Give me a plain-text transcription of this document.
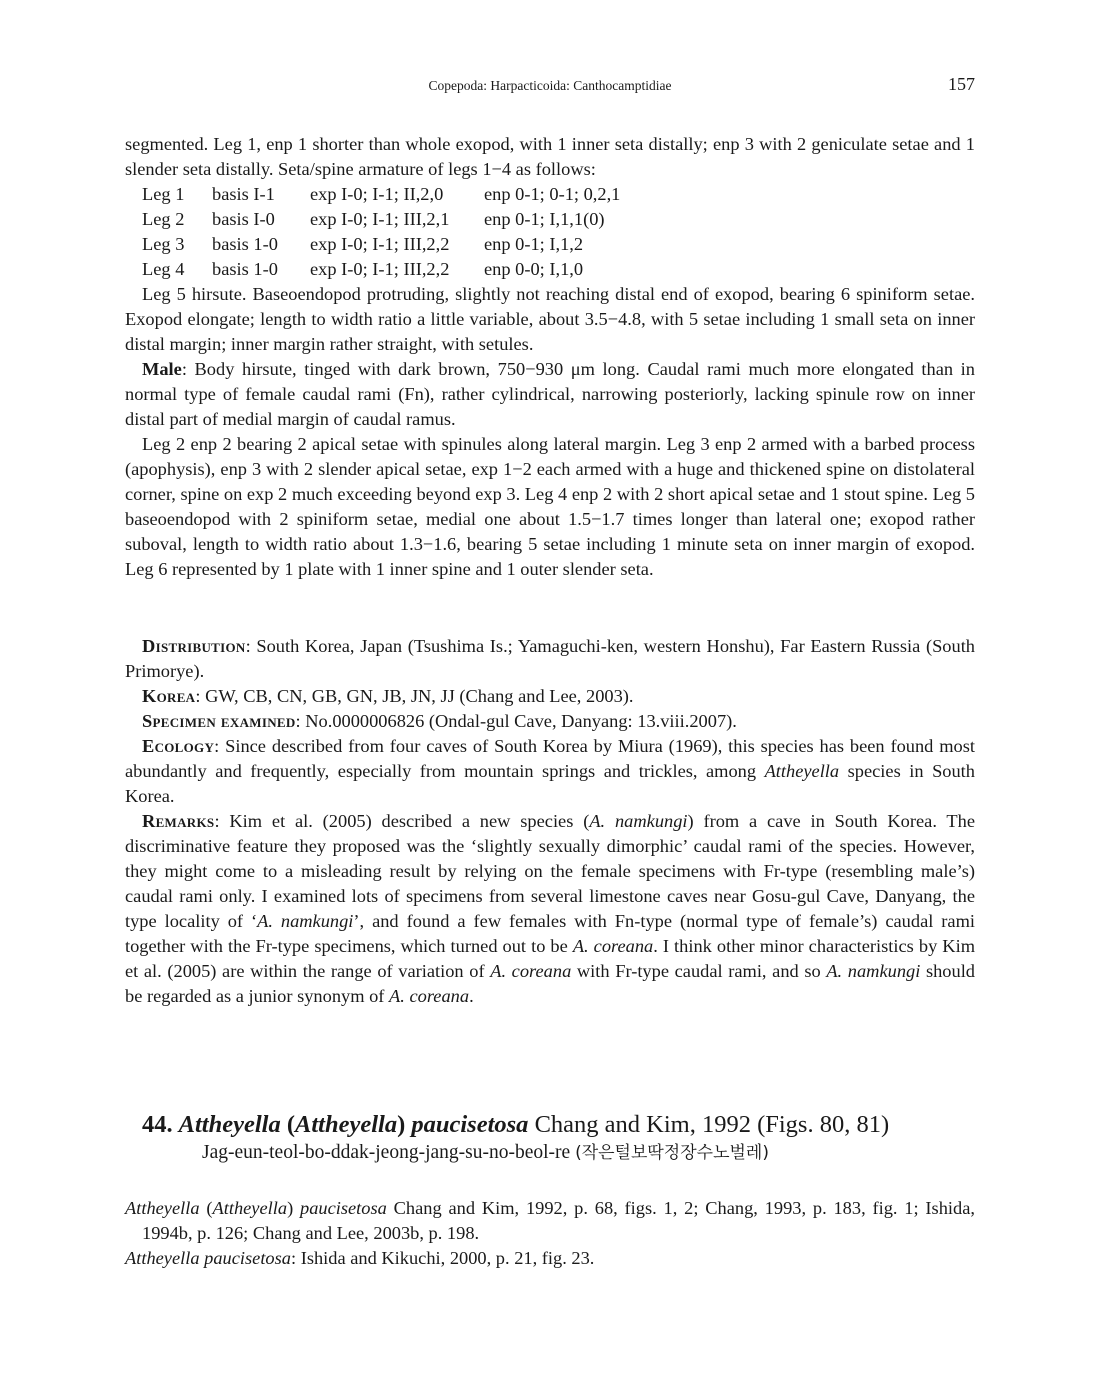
Copepoda: Harpacticoida: Canthocamptidiae	157

segmented. Leg 1, enp 1 shorter than whole exopod, with 1 inner seta distally; enp 3 with 2 geniculate setae and 1 slender seta distally. Seta/spine armature of legs 1−4 as follows:

Leg 1	basis I-1	exp I-0; I-1; II,2,0	enp 0-1; 0-1; 0,2,1
Leg 2	basis I-0	exp I-0; I-1; III,2,1	enp 0-1; I,1,1(0)
Leg 3	basis 1-0	exp I-0; I-1; III,2,2	enp 0-1; I,1,2
Leg 4	basis 1-0	exp I-0; I-1; III,2,2	enp 0-0; I,1,0

Leg 5 hirsute. Baseoendopod protruding, slightly not reaching distal end of exopod, bearing 6 spiniform setae. Exopod elongate; length to width ratio a little variable, about 3.5−4.8, with 5 setae including 1 small seta on inner distal margin; inner margin rather straight, with setules.

Male: Body hirsute, tinged with dark brown, 750−930 μm long. Caudal rami much more elongated than in normal type of female caudal rami (Fn), rather cylindrical, narrowing posteriorly, lacking spinule row on inner distal part of medial margin of caudal ramus.

Leg 2 enp 2 bearing 2 apical setae with spinules along lateral margin. Leg 3 enp 2 armed with a barbed process (apophysis), enp 3 with 2 slender apical setae, exp 1−2 each armed with a huge and thickened spine on distolateral corner, spine on exp 2 much exceeding beyond exp 3. Leg 4 enp 2 with 2 short apical setae and 1 stout spine. Leg 5 baseoendopod with 2 spiniform setae, medial one about 1.5−1.7 times longer than lateral one; exopod rather suboval, length to width ratio about 1.3−1.6, bearing 5 setae including 1 minute seta on inner margin of exopod. Leg 6 represented by 1 plate with 1 inner spine and 1 outer slender seta.

Distribution: South Korea, Japan (Tsushima Is.; Yamaguchi-ken, western Honshu), Far Eastern Russia (South Primorye).

Korea: GW, CB, CN, GB, GN, JB, JN, JJ (Chang and Lee, 2003).

Specimen examined: No.0000006826 (Ondal-gul Cave, Danyang: 13.viii.2007).

Ecology: Since described from four caves of South Korea by Miura (1969), this species has been found most abundantly and frequently, especially from mountain springs and trickles, among Attheyella species in South Korea.

Remarks: Kim et al. (2005) described a new species (A. namkungi) from a cave in South Korea. The discriminative feature they proposed was the ‘slightly sexually dimorphic’ caudal rami of the species. However, they might come to a misleading result by relying on the female specimens with Fr-type (resembling male’s) caudal rami only. I examined lots of specimens from several limestone caves near Gosu-gul Cave, Danyang, the type locality of ‘A. namkungi’, and found a few females with Fn-type (normal type of female’s) caudal rami together with the Fr-type specimens, which turned out to be A. coreana. I think other minor characteristics by Kim et al. (2005) are within the range of variation of A. coreana with Fr-type caudal rami, and so A. namkungi should be regarded as a junior synonym of A. coreana.

44. Attheyella (Attheyella) paucisetosa Chang and Kim, 1992 (Figs. 80, 81)
Jag-eun-teol-bo-ddak-jeong-jang-su-no-beol-re (작은털보딱정장수노벌레)

Attheyella (Attheyella) paucisetosa Chang and Kim, 1992, p. 68, figs. 1, 2; Chang, 1993, p. 183, fig. 1; Ishida, 1994b, p. 126; Chang and Lee, 2003b, p. 198.

Attheyella paucisetosa: Ishida and Kikuchi, 2000, p. 21, fig. 23.
